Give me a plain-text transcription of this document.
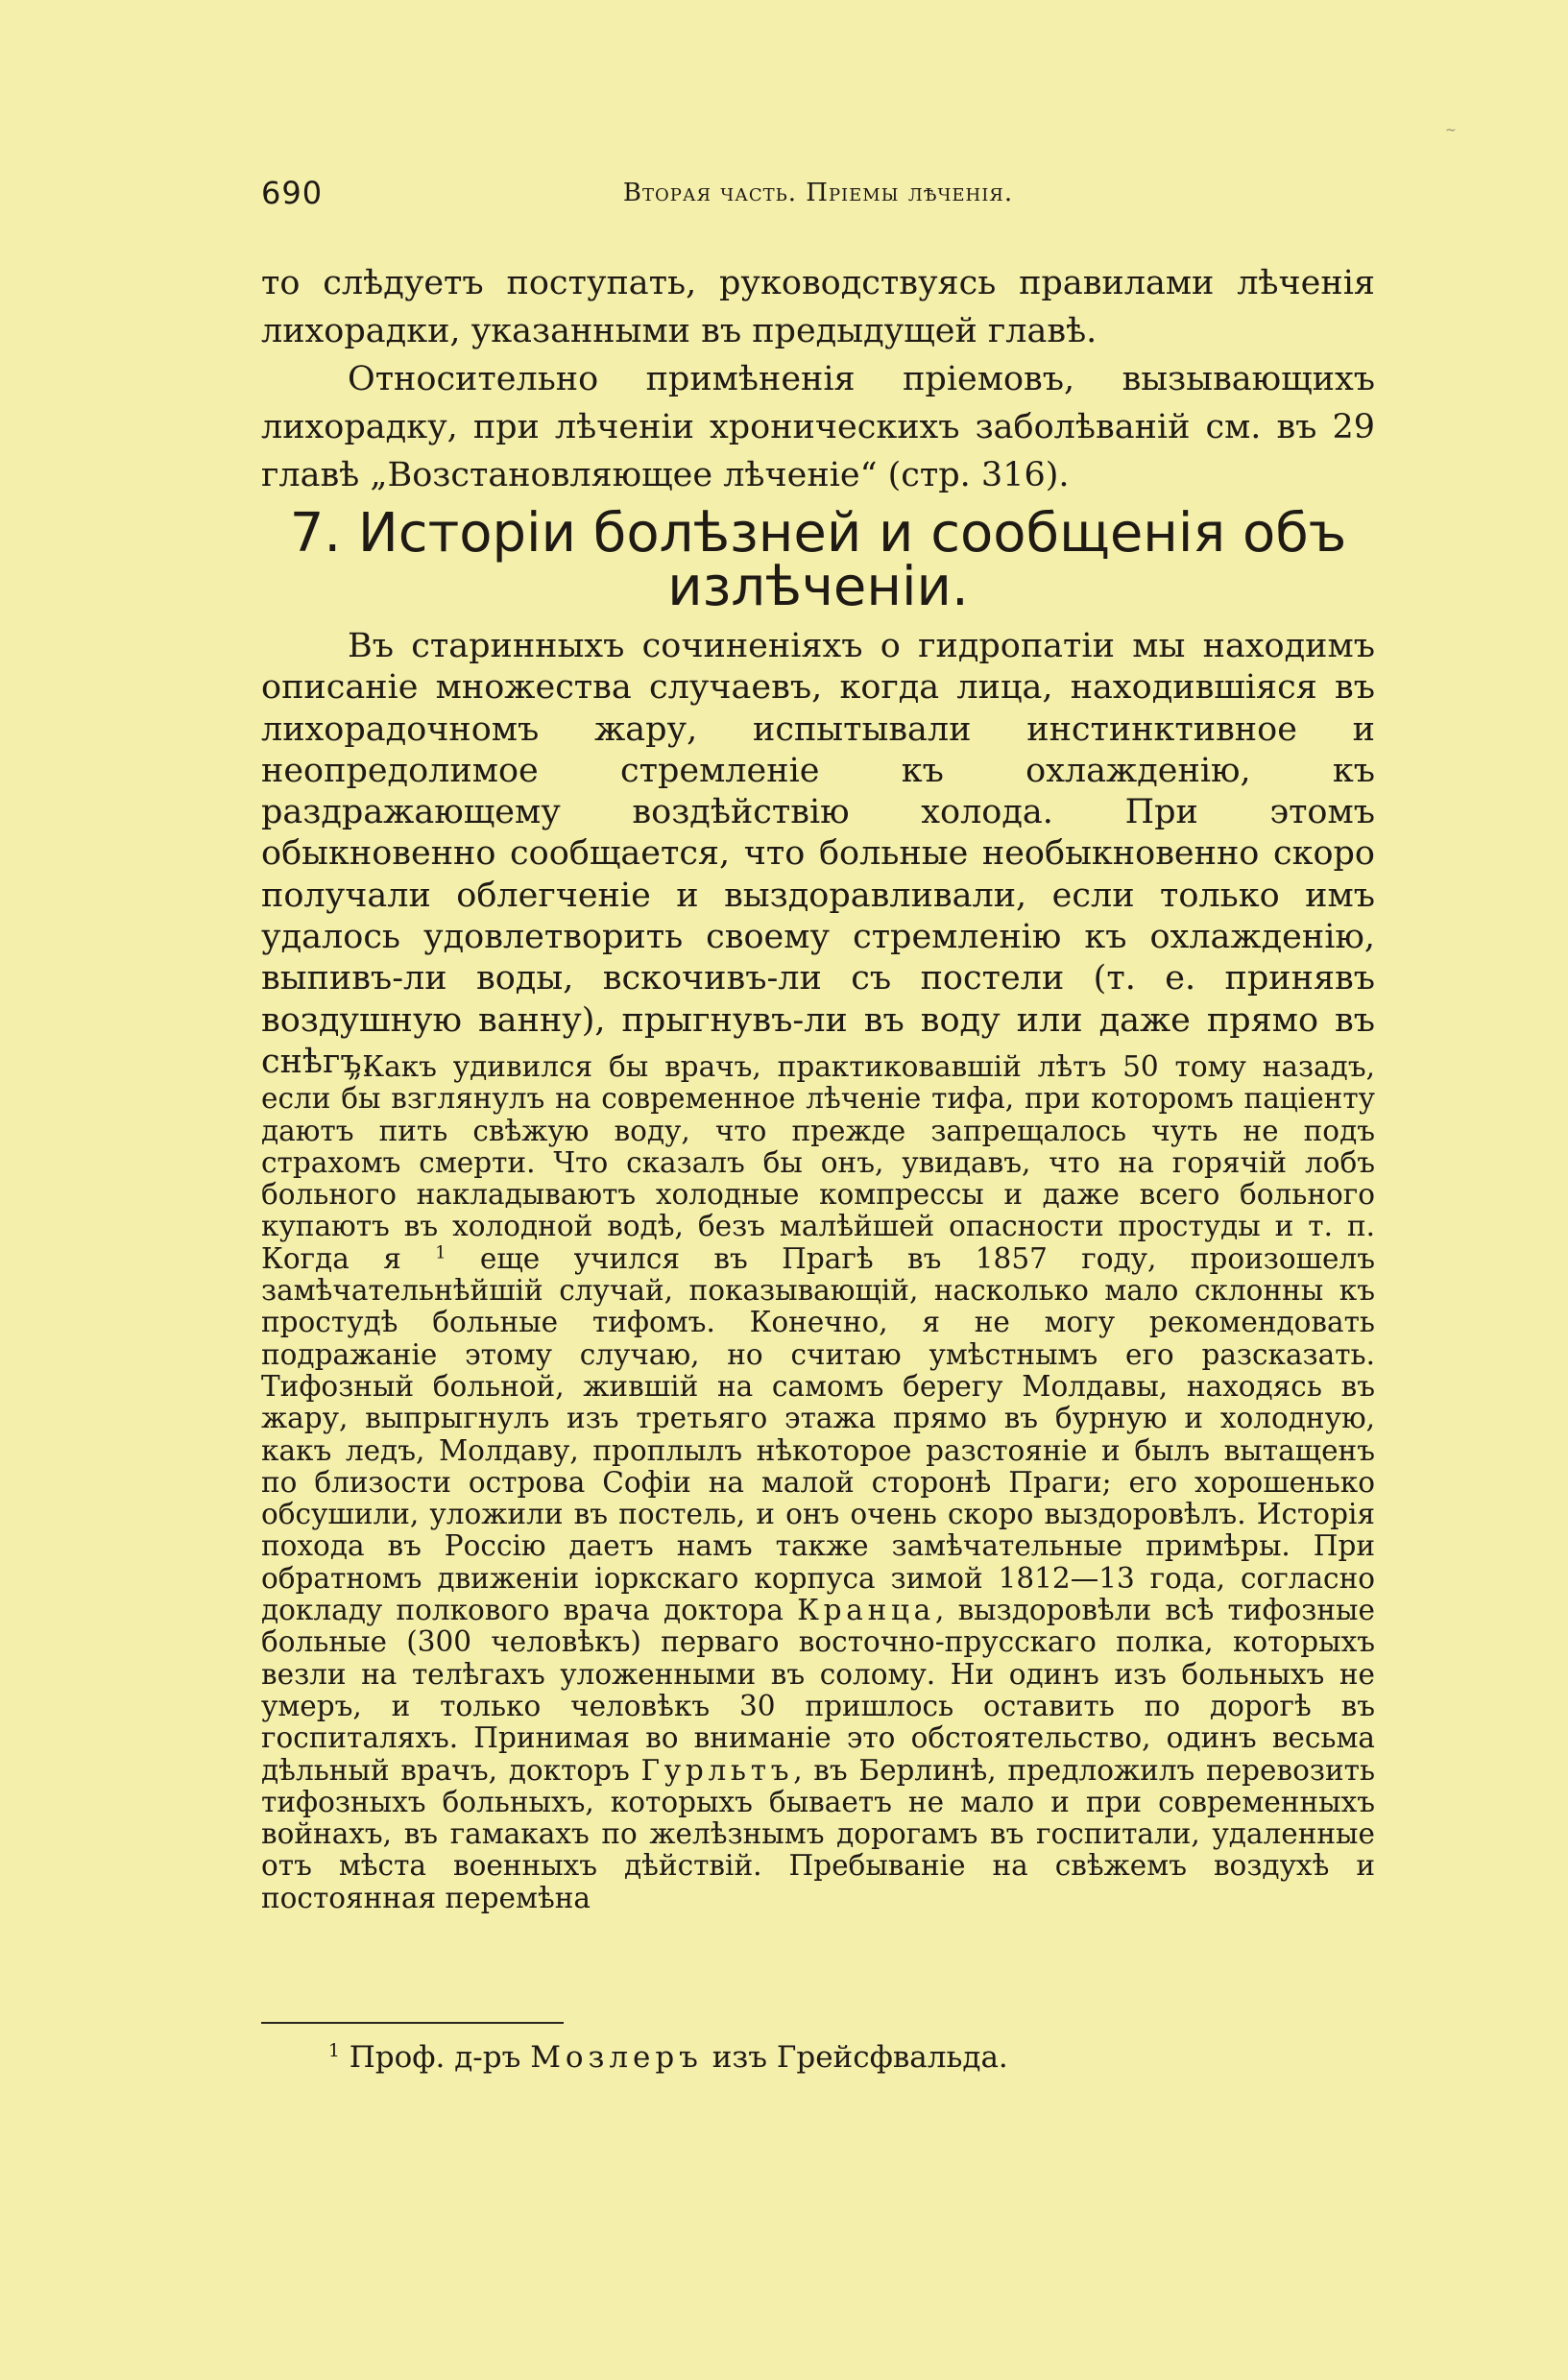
~
690	Вторая часть. Пріемы лѣченія.

то слѣдуетъ поступать, руководствуясь правилами лѣченія лихорадки, указанными въ предыдущей главѣ.

Относительно примѣненія пріемовъ, вызывающихъ лихорадку, при лѣченіи хроническихъ заболѣваній см. въ 29 главѣ „Возстановляющее лѣченіе“ (стр. 316).

7. Исторіи болѣзней и сообщенія объ излѣченіи.

Въ старинныхъ сочиненіяхъ о гидропатіи мы находимъ описаніе множества случаевъ, когда лица, находившіяся въ лихорадочномъ жару, испытывали инстинктивное и неопредолимое стремленіе къ охлажденію, къ раздражающему воздѣйствію холода. При этомъ обыкновенно сообщается, что больные необыкновенно скоро получали облегченіе и выздоравливали, если только имъ удалось удовлетворить своему стремленію къ охлажденію, выпивъ-ли воды, вскочивъ-ли съ постели (т. е. принявъ воздушную ванну), прыгнувъ-ли въ воду или даже прямо въ снѣгъ.

„Какъ удивился бы врачъ, практиковавшій лѣтъ 50 тому назадъ, если бы взглянулъ на современное лѣченіе тифа, при которомъ паціенту даютъ пить свѣжую воду, что прежде запрещалось чуть не подъ страхомъ смерти. Что сказалъ бы онъ, увидавъ, что на горячій лобъ больного накладываютъ холодные компрессы и даже всего больного купаютъ въ холодной водѣ, безъ малѣйшей опасности простуды и т. п. Когда я $^1$ еще учился въ Прагѣ въ 1857 году, произошелъ замѣчательнѣйшій случай, показывающій, насколько мало склонны къ простудѣ больные тифомъ. Конечно, я не могу рекомендовать подражаніе этому случаю, но считаю умѣстнымъ его разсказать. Тифозный больной, жившій на самомъ берегу Молдавы, находясь въ жару, выпрыгнулъ изъ третьяго этажа прямо въ бурную и холодную, какъ ледъ, Молдаву, проплылъ нѣкоторое разстояніе и былъ вытащенъ по близости острова Софіи на малой сторонѣ Праги; его хорошенько обсушили, уложили въ постель, и онъ очень скоро выздоровѣлъ. Исторія похода въ Россію даетъ намъ также замѣчательные примѣры. При обратномъ движеніи іоркскаго корпуса зимой 1812—13 года, согласно докладу полкового врача доктора Кранца, выздоровѣли всѣ тифозные больные (300 человѣкъ) перваго восточно-прусскаго полка, которыхъ везли на телѣгахъ уложенными въ солому. Ни одинъ изъ больныхъ не умеръ, и только человѣкъ 30 пришлось оставить по дорогѣ въ госпиталяхъ. Принимая во вниманіе это обстоятельство, одинъ весьма дѣльный врачъ, докторъ Гурльтъ, въ Берлинѣ, предложилъ перевозить тифозныхъ больныхъ, которыхъ бываетъ не мало и при современныхъ войнахъ, въ гамакахъ по желѣзнымъ дорогамъ въ госпитали, удаленные отъ мѣста военныхъ дѣйствій. Пребываніе на свѣжемъ воздухѣ и постоянная перемѣна

$^1$ Проф. д-ръ Мозлеръ изъ Грейсфвальда.
